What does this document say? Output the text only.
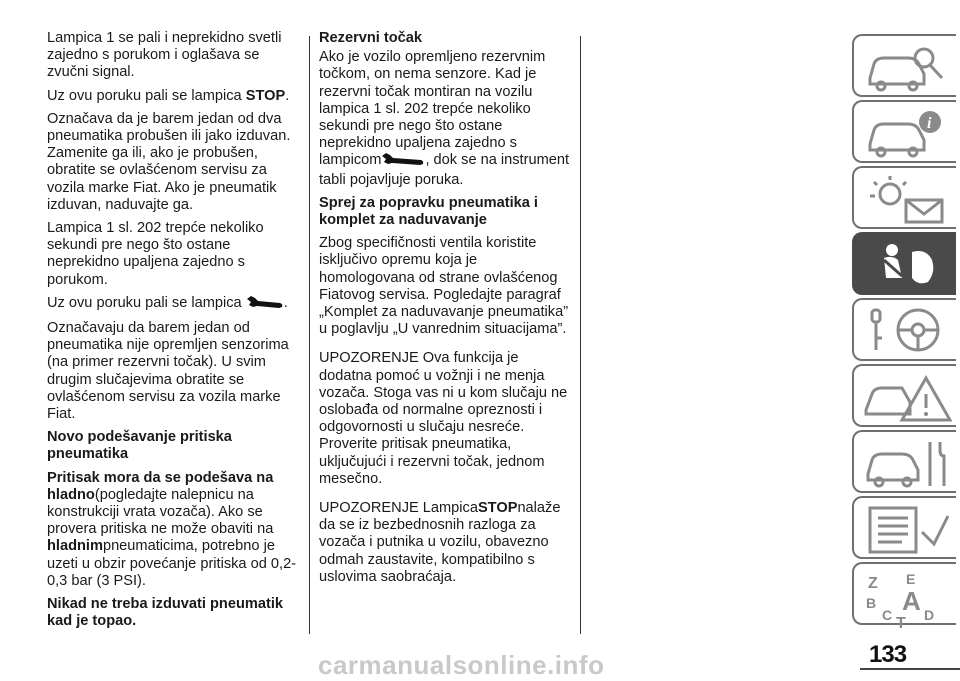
Lampica 1 se pali i neprekidno svetli zajedno s porukom i oglašava se zvučni signal.

Uz ovu poruku pali se lampica STOP.

Označava da je barem jedan od dva pneumatika probušen ili jako izduvan. Zamenite ga ili, ako je probušen, obratite se ovlašćenom servisu za vozila marke Fiat. Ako je pneumatik izduvan, naduvajte ga.

Lampica 1 sl. 202 trepće nekoliko sekundi pre nego što ostane neprekidno upaljena zajedno s porukom.

Uz ovu poruku pali se lampica	.

Označavaju da barem jedan od pneumatika nije opremljen senzorima (na primer rezervni točak). U svim drugim slučajevima obratite se ovlašćenom servisu za vozila marke Fiat.

Novo podešavanje pritiska pneumatika

Pritisak mora da se podešava na hladno(pogledajte nalepnicu na konstrukciji vrata vozača). Ako se provera pritiska ne može obaviti na hladnimpneumaticima, potrebno je uzeti u obzir povećanje pritiska od 0,2-0,3 bar (3 PSI).

Nikad ne treba izduvati pneumatik kad je topao.

Rezervni točak

Ako je vozilo opremljeno rezervnim točkom, on nema senzore. Kad je rezervni točak montiran na vozilu lampica 1 sl. 202 trepće nekoliko sekundi pre nego što ostane neprekidno upaljena zajedno s lampicom	, dok se na instrument tabli pojavljuje poruka.

Sprej za popravku pneumatika i komplet za naduvavanje

Zbog specifičnosti ventila koristite isključivo opremu koja je homologovana od strane ovlašćenog Fiatovog servisa. Pogledajte paragraf „Komplet za naduvavanje pneumatika” u poglavlju „U vanrednim situacijama”.

UPOZORENJE Ova funkcija je dodatna pomoć u vožnji i ne menja vozača. Stoga vas ni u kom slučaju ne oslobađa od normalne opreznosti i odgovornosti u slučaju nesreće. Proverite pritisak pneumatika, uključujući i rezervni točak, jednom mesečno.

UPOZORENJE LampicaSTOPnalaže da se iz bezbednosnih razloga za vozača i putnika u vozilu, obavezno odmah zaustavite, kompatibilno s uslovima saobraćaja.

i
Z E
B A
C T D
133
carmanualsonline.info
